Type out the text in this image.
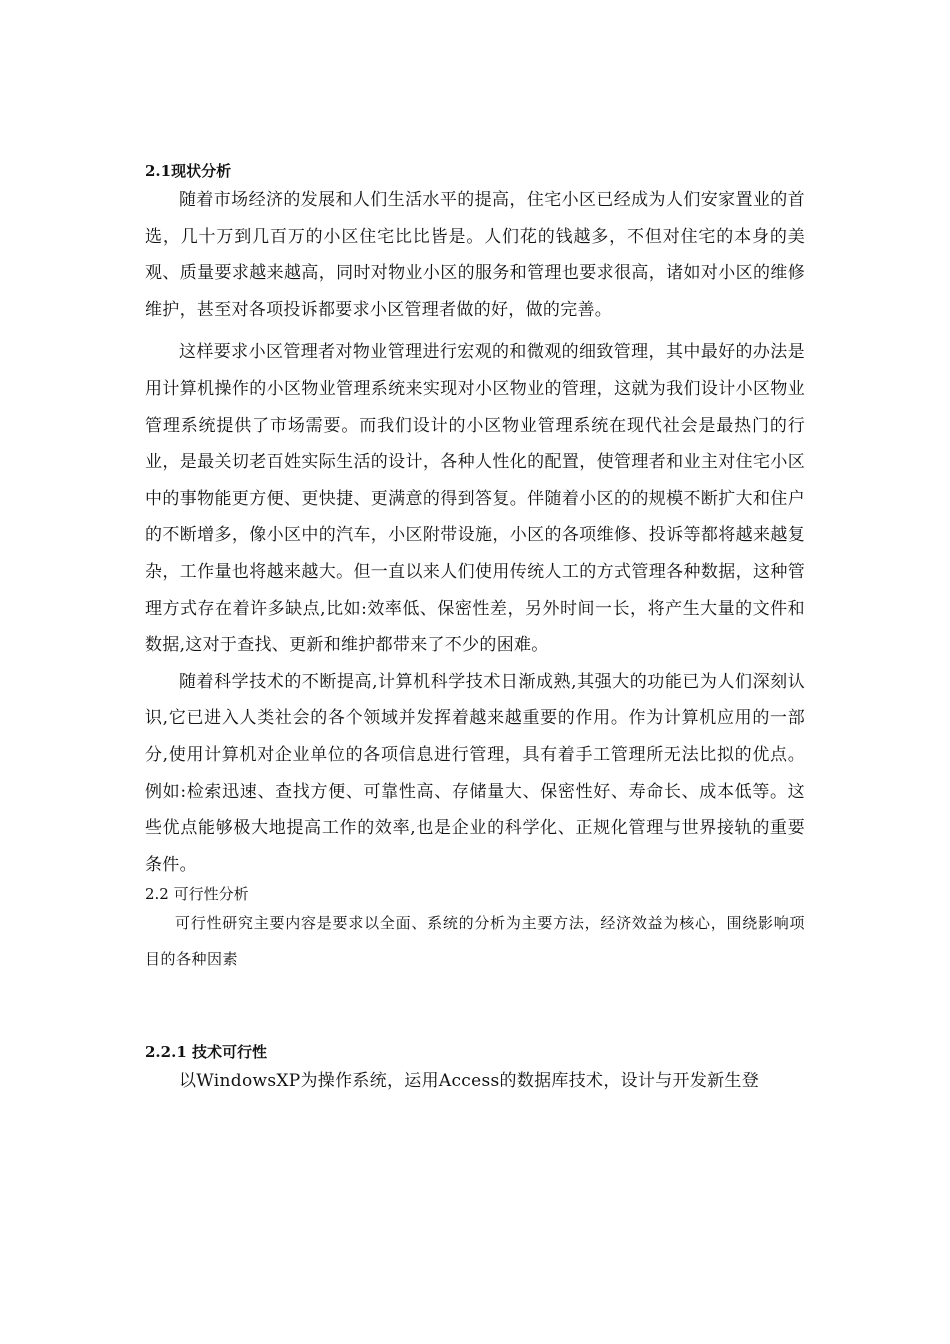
2.1现状分析

随着市场经济的发展和人们生活水平的提高，住宅小区已经成为人们安家置业的首选，几十万到几百万的小区住宅比比皆是。人们花的钱越多，不但对住宅的本身的美观、质量要求越来越高，同时对物业小区的服务和管理也要求很高，诸如对小区的维修维护，甚至对各项投诉都要求小区管理者做的好，做的完善。

这样要求小区管理者对物业管理进行宏观的和微观的细致管理，其中最好的办法是用计算机操作的小区物业管理系统来实现对小区物业的管理，这就为我们设计小区物业管理系统提供了市场需要。而我们设计的小区物业管理系统在现代社会是最热门的行业，是最关切老百姓实际生活的设计，各种人性化的配置，使管理者和业主对住宅小区中的事物能更方便、更快捷、更满意的得到答复。伴随着小区的的规模不断扩大和住户的不断增多，像小区中的汽车，小区附带设施，小区的各项维修、投诉等都将越来越复杂，工作量也将越来越大。但一直以来人们使用传统人工的方式管理各种数据，这种管理方式存在着许多缺点,比如:效率低、保密性差，另外时间一长，将产生大量的文件和数据,这对于查找、更新和维护都带来了不少的困难。

随着科学技术的不断提高,计算机科学技术日渐成熟,其强大的功能已为人们深刻认识,它已进入人类社会的各个领域并发挥着越来越重要的作用。作为计算机应用的一部分,使用计算机对企业单位的各项信息进行管理，具有着手工管理所无法比拟的优点。例如:检索迅速、查找方便、可靠性高、存储量大、保密性好、寿命长、成本低等。这些优点能够极大地提高工作的效率,也是企业的科学化、正规化管理与世界接轨的重要条件。

2.2 可行性分析

可行性研究主要内容是要求以全面、系统的分析为主要方法，经济效益为核心，围绕影响项目的各种因素

2.2.1 技术可行性

以WindowsXP为操作系统，运用Access的数据库技术，设计与开发新生登
